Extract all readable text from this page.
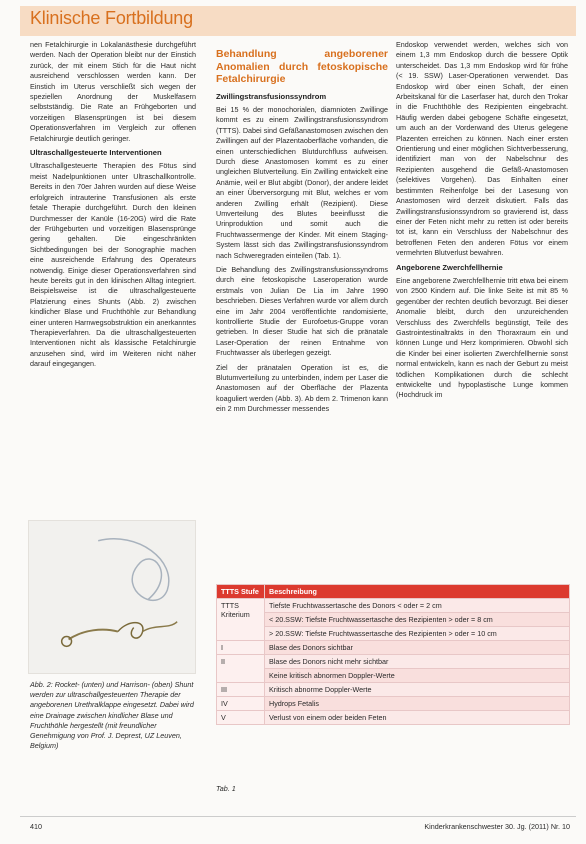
Klinische Fortbildung

nen Fetalchirurgie in Lokalanästhesie durchgeführt werden. Nach der Operation bleibt nur der Einstich zurück, der mit einem Stich für die Haut nicht ausreichend verschlossen werden kann. Der Einstich im Uterus verschließt sich wegen der speziellen Anordnung der Muskelfasern selbstständig. Die Rate an Frühgeborten und vorzeitigen Blasensprüngen ist bei diesem Operationsverfahren im Vergleich zur offenen Fetalchirurgie deutlich geringer.

Ultraschallgesteuerte Interventionen

Ultraschallgesteuerte Therapien des Fötus sind meist Nadelpunktionen unter Ultraschallkontrolle. Bereits in den 70er Jahren wurden auf diese Weise erfolgreich intrauterine Transfusionen als erste fetale Therapie durchgeführt. Durch den kleinen Durchmesser der Kanüle (16-20G) wird die Rate der Frühgeburten und vorzeitigen Blasensprünge gering gehalten. Die eingeschränkten Sichtbedingungen bei der Sonographie machen eine ausreichende Erfahrung des Operateurs notwendig. Einige dieser Operationsverfahren sind heute bereits gut in den klinischen Alltag integriert. Beispielsweise ist die ultraschallgesteuerte Platzierung eines Shunts (Abb. 2) zwischen kindlicher Blase und Fruchthöhle zur Behandlung einer unteren Harnwegsobstruktion ein anerkanntes Therapieverfahren. Da die ultraschallgesteuerten Interventionen nicht als klassische Fetalchirurgie anzusehen sind, wird im Weiteren nicht näher darauf eingegangen.

Abb. 2: Rocket- (unten) und Harrison- (oben) Shunt werden zur ultraschallgesteuerten Therapie der angeborenen Urethralklappe eingesetzt. Dabei wird eine Drainage zwischen kindlicher Blase und Fruchthöhle hergestellt (mit freundlicher Genehmigung von Prof. J. Deprest, UZ Leuven, Belgium)
Behandlung angeborener Anomalien durch fetoskopische Fetalchirurgie
Zwillingstransfusionssyndrom

Bei 15 % der monochorialen, diamnioten Zwillinge kommt es zu einem Zwillingstransfusionssyndrom (TTTS). Dabei sind Gefäßanastomosen zwischen den Zwillingen auf der Plazentaoberfläche vorhanden, die einen unterschiedlichen Blutdurchfluss aufweisen. Durch diese Anastomosen kommt es zu einer ungleichen Blutverteilung. Ein Zwilling entwickelt eine Anämie, weil er Blut abgibt (Donor), der andere leidet an einer Überversorgung mit Blut, welches er vom anderen Zwilling erhält (Rezipient). Diese Umverteilung des Blutes beeinflusst die Urinproduktion und somit auch die Fruchtwassermenge der Kinder. Mit einem Staging-System lässt sich das Zwillingstransfusionssyndrom nach Schweregraden einteilen (Tab. 1).

Die Behandlung des Zwillingstransfusionssyndroms durch eine fetoskopische Laseroperation wurde erstmals von Julian De Lia im Jahre 1990 beschrieben. Dieses Verfahren wurde vor allem durch eine im Jahr 2004 veröffentlichte randomisierte, kontrollierte Studie der Eurofoetus-Gruppe voran getrieben. In dieser Studie hat sich die pränatale Laser-Operation der reinen Entnahme von Fruchtwasser als überlegen gezeigt.

Ziel der pränatalen Operation ist es, die Blutumverteilung zu unterbinden, indem per Laser die Anastomosen auf der Oberfläche der Plazenta koaguliert werden (Abb. 3). Ab dem 2. Trimenon kann ein 2 mm Durchmesser messendes

Endoskop verwendet werden, welches sich von einem 1,3 mm Endoskop durch die bessere Optik unterscheidet. Das 1,3 mm Endoskop wird für frühe (< 19. SSW) Laser-Operationen verwendet. Das Endoskop wird über einen Schaft, der einen Arbeitskanal für die Laserfaser hat, durch den Trokar in die Fruchthöhle des Rezipienten eingebracht. Häufig werden dabei gebogene Schäfte eingesetzt, um auch an der Vorderwand des Uterus gelegene Plazenten erreichen zu können. Nach einer ersten Orientierung und einer möglichen Sichtverbesserung, identifiziert man von der Nabelschnur des Rezipienten ausgehend die Gefäß-Anastomosen (selektives Vorgehen). Das Einhalten einer bestimmten Reihenfolge bei der Lasesung von Anastomosen wird derzeit diskutiert. Falls das Zwillingstransfusionssyndrom so gravierend ist, dass einer der Feten nicht mehr zu retten ist oder bereits tot ist, kann ein Verschluss der Nabelschnur des betroffenen Feten den anderen Fötus vor einem vermehrten Blutverlust bewahren.

Angeborene Zwerchfellhernie

Eine angeborene Zwerchfellhernie tritt etwa bei einem von 2500 Kindern auf. Die linke Seite ist mit 85 % gegenüber der rechten deutlich bevorzugt. Bei dieser Anomalie bleibt, durch den unzureichenden Verschluss des Zwerchfells begünstigt, Teile des Gastrointestinaltrakts in den Thoraxraum ein und können Lunge und Herz komprimieren. Obwohl sich die Kinder bei einer isolierten Zwerchfellhernie sonst normal entwickeln, kann es nach der Geburt zu meist tödlichen Komplikationen durch die schlecht entwickelte und hypoplastische Lunge kommen (Hochdruck im

TTTS Stufe	Beschreibung
TTTS Kriterium	Tiefste Fruchtwassertasche des Donors < oder = 2 cm
	< 20.SSW: Tiefste Fruchtwassertasche des Rezipienten > oder = 8 cm
	> 20.SSW: Tiefste Fruchtwassertasche des Rezipienten > oder = 10 cm
I	Blase des Donors sichtbar
II	Blase des Donors nicht mehr sichtbar
	Keine kritisch abnormen Doppler-Werte
III	Kritisch abnorme Doppler-Werte
IV	Hydrops Fetalis
V	Verlust von einem oder beiden Feten
Tab. 1
410	Kinderkrankenschwester 30. Jg. (2011) Nr. 10
